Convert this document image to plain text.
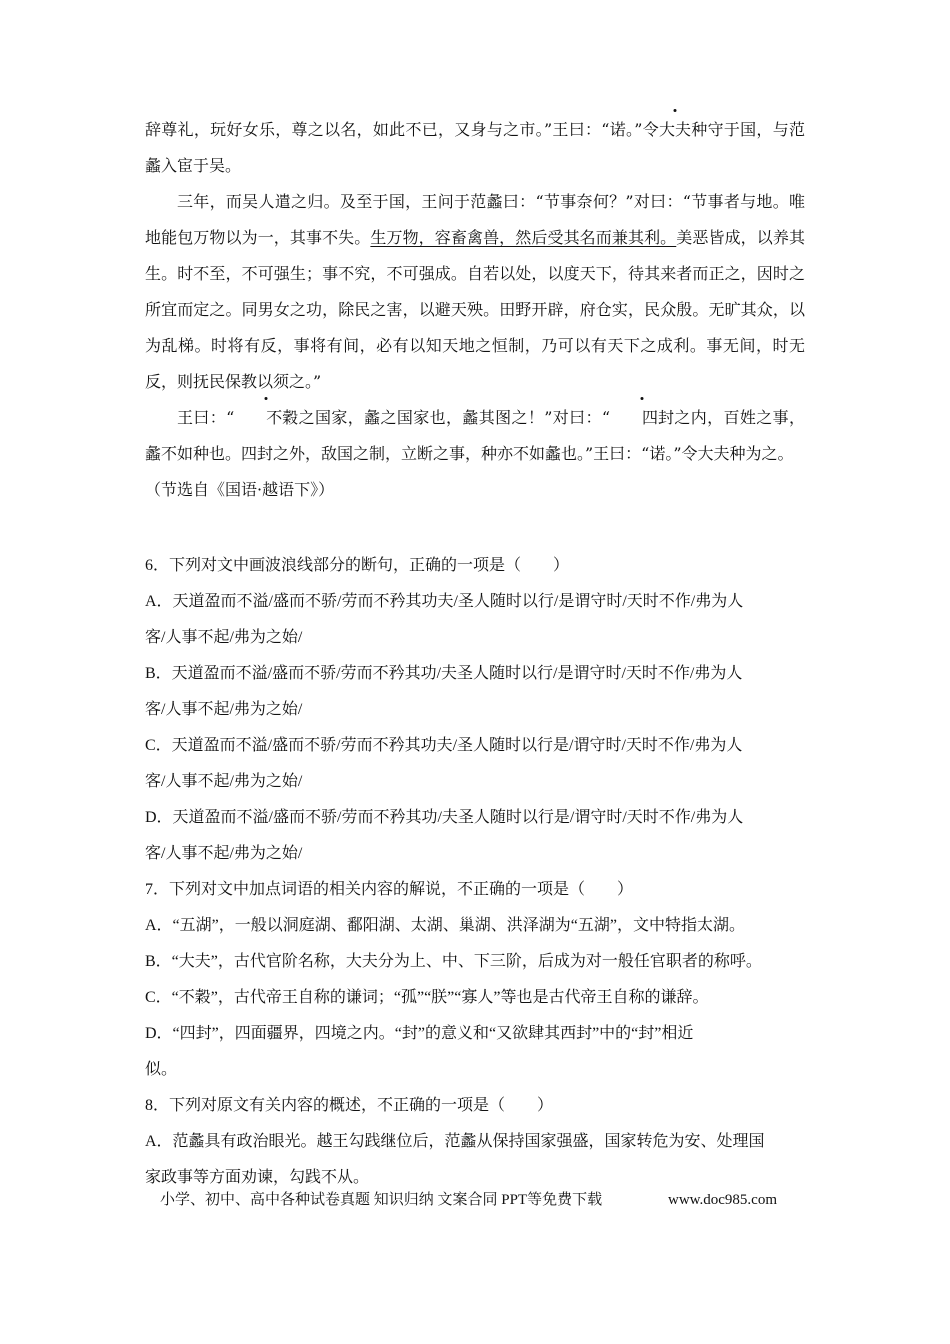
辞尊礼，玩好女乐，尊之以名，如此不已，又身与之市。”王曰：“诺。”令大夫种守于国，与范蠡入宦于吴。

三年，而吴人遣之归。及至于国，王问于范蠡曰：“节事奈何？”对曰：“节事者与地。唯地能包万物以为一，其事不失。生万物，容畜禽兽，然后受其名而兼其利。美恶皆成，以养其生。时不至，不可强生；事不究，不可强成。自若以处，以度天下，待其来者而正之，因时之所宜而定之。同男女之功，除民之害，以避天殃。田野开辟，府仓实，民众殷。无旷其众，以为乱梯。时将有反，事将有间，必有以知天地之恒制，乃可以有天下之成利。事无间，时无反，则抚民保教以须之。”

王曰：“ 不穀之国家，蠡之国家也，蠡其图之！”对曰：“ 四封之内，百姓之事，蠡不如种也。四封之外，敌国之制，立断之事，种亦不如蠡也。”王曰：“诺。”令大夫种为之。

（节选自《国语·越语下》）

6．下列对文中画波浪线部分的断句，正确的一项是（　　）
A．天道盈而不溢/盛而不骄/劳而不矜其功夫/圣人随时以行/是谓守时/天时不作/弗为人
客/人事不起/弗为之始/
B．天道盈而不溢/盛而不骄/劳而不矜其功/夫圣人随时以行/是谓守时/天时不作/弗为人
客/人事不起/弗为之始/
C．天道盈而不溢/盛而不骄/劳而不矜其功夫/圣人随时以行是/谓守时/天时不作/弗为人
客/人事不起/弗为之始/
D．天道盈而不溢/盛而不骄/劳而不矜其功/夫圣人随时以行是/谓守时/天时不作/弗为人
客/人事不起/弗为之始/
7．下列对文中加点词语的相关内容的解说，不正确的一项是（　　）
A．“五湖”，一般以洞庭湖、鄱阳湖、太湖、巢湖、洪泽湖为“五湖”，文中特指太湖。
B．“大夫”，古代官阶名称，大夫分为上、中、下三阶，后成为对一般任官职者的称呼。
C．“不穀”，古代帝王自称的谦词；“孤”“朕”“寡人”等也是古代帝王自称的谦辞。
D．“四封”，四面疆界，四境之内。“封”的意义和“又欲肆其西封”中的“封”相近
似。
8．下列对原文有关内容的概述，不正确的一项是（　　）
A．范蠡具有政治眼光。越王勾践继位后，范蠡从保持国家强盛，国家转危为安、处理国
家政事等方面劝谏，勾践不从。
小学、初中、高中各种试卷真题 知识归纳 文案合同 PPT等免费下载	www.doc985.com
